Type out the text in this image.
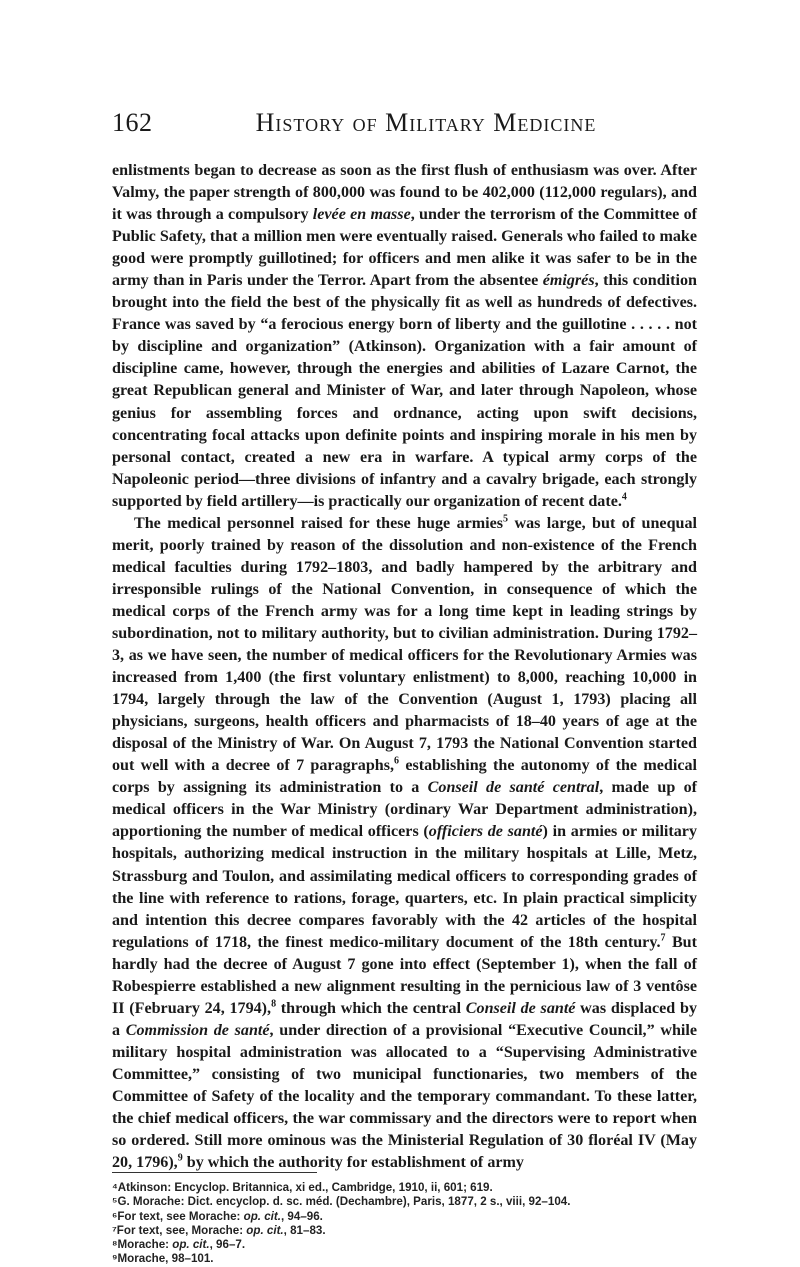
162	History of Military Medicine

enlistments began to decrease as soon as the first flush of enthusiasm was over. After Valmy, the paper strength of 800,000 was found to be 402,000 (112,000 regulars), and it was through a compulsory levée en masse, under the terrorism of the Committee of Public Safety, that a million men were eventually raised. Generals who failed to make good were promptly guillotined; for officers and men alike it was safer to be in the army than in Paris under the Terror. Apart from the absentee émigrés, this condition brought into the field the best of the physically fit as well as hundreds of defectives. France was saved by “a ferocious energy born of liberty and the guillotine . . . . . not by discipline and organization” (Atkinson). Organization with a fair amount of discipline came, however, through the energies and abilities of Lazare Carnot, the great Republican general and Minister of War, and later through Napoleon, whose genius for assembling forces and ordnance, acting upon swift decisions, concentrating focal attacks upon definite points and inspiring morale in his men by personal contact, created a new era in warfare. A typical army corps of the Napoleonic period—three divisions of infantry and a cavalry brigade, each strongly supported by field artillery—is practically our organization of recent date.$^4$

The medical personnel raised for these huge armies$^5$ was large, but of unequal merit, poorly trained by reason of the dissolution and non-existence of the French medical faculties during 1792–1803, and badly hampered by the arbitrary and irresponsible rulings of the National Convention, in consequence of which the medical corps of the French army was for a long time kept in leading strings by subordination, not to military authority, but to civilian administration. During 1792–3, as we have seen, the number of medical officers for the Revolutionary Armies was increased from 1,400 (the first voluntary enlistment) to 8,000, reaching 10,000 in 1794, largely through the law of the Convention (August 1, 1793) placing all physicians, surgeons, health officers and pharmacists of 18–40 years of age at the disposal of the Ministry of War. On August 7, 1793 the National Convention started out well with a decree of 7 paragraphs,$^6$ establishing the autonomy of the medical corps by assigning its administration to a Conseil de santé central, made up of medical officers in the War Ministry (ordinary War Department administration), apportioning the number of medical officers (officiers de santé) in armies or military hospitals, authorizing medical instruction in the military hospitals at Lille, Metz, Strassburg and Toulon, and assimilating medical officers to corresponding grades of the line with reference to rations, forage, quarters, etc. In plain practical simplicity and intention this decree compares favorably with the 42 articles of the hospital regulations of 1718, the finest medico-military document of the 18th century.$^7$ But hardly had the decree of August 7 gone into effect (September 1), when the fall of Robespierre established a new alignment resulting in the pernicious law of 3 ventôse II (February 24, 1794),$^8$ through which the central Conseil de santé was displaced by a Commission de santé, under direction of a provisional “Executive Council,” while military hospital administration was allocated to a “Supervising Administrative Committee,” consisting of two municipal functionaries, two members of the Committee of Safety of the locality and the temporary commandant. To these latter, the chief medical officers, the war commissary and the directors were to report when so ordered. Still more ominous was the Ministerial Regulation of 30 floréal IV (May 20, 1796),$^9$ by which the authority for establishment of army

⁴Atkinson: Encyclop. Britannica, xi ed., Cambridge, 1910, ii, 601; 619.
⁵G. Morache: Dict. encyclop. d. sc. méd. (Dechambre), Paris, 1877, 2 s., viii, 92–104.
⁶For text, see Morache: op. cit., 94–96.
⁷For text, see, Morache: op. cit., 81–83.
⁸Morache: op. cit., 96–7.
⁹Morache, 98–101.
